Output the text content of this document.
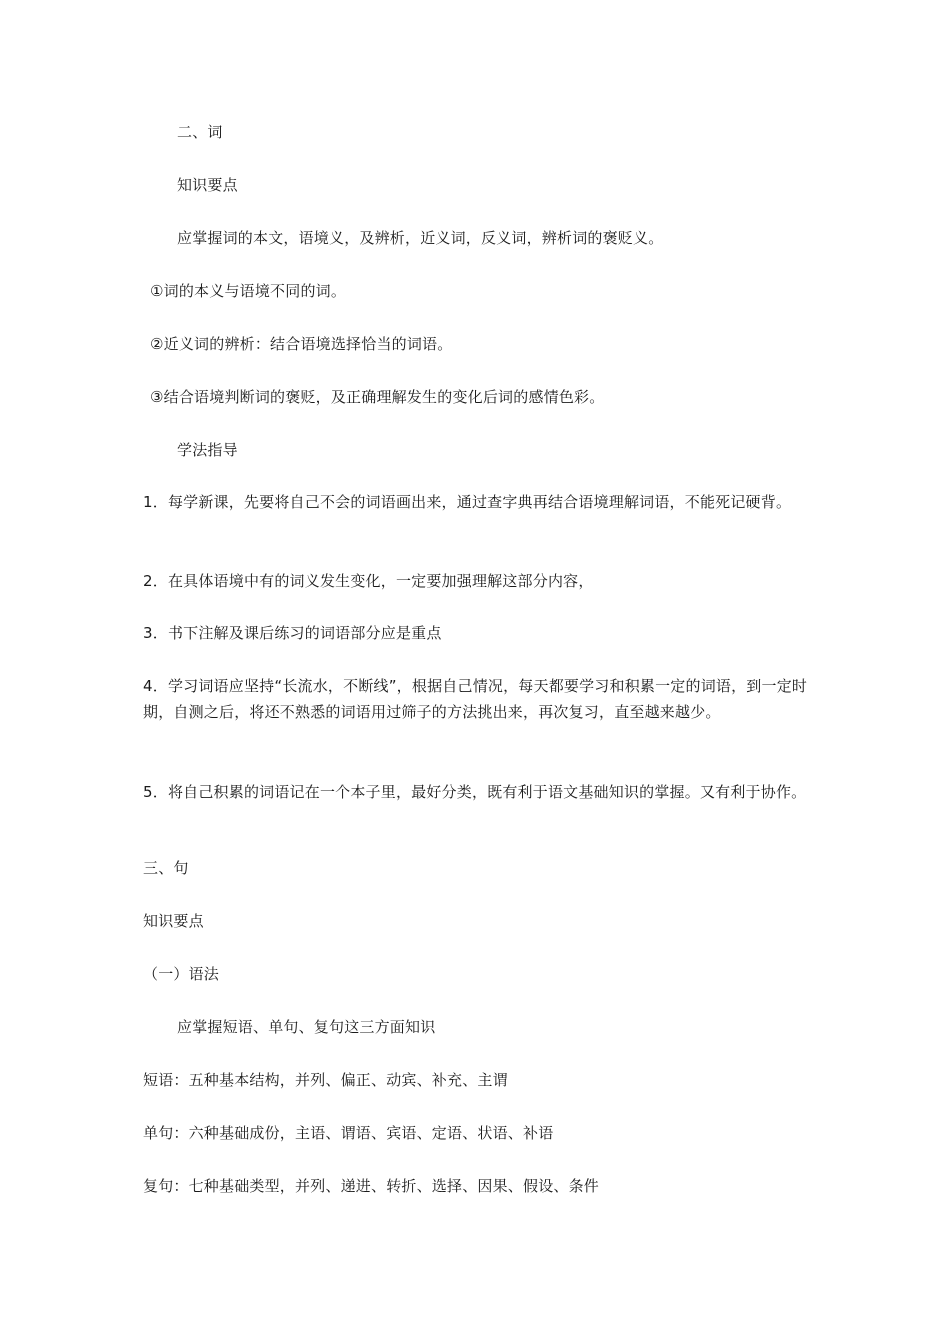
二、词
知识要点
应掌握词的本文，语境义，及辨析，近义词，反义词，辨析词的褒贬义。
①词的本义与语境不同的词。
②近义词的辨析：结合语境选择恰当的词语。
③结合语境判断词的褒贬，及正确理解发生的变化后词的感情色彩。
学法指导
1．每学新课，先要将自己不会的词语画出来，通过查字典再结合语境理解词语，不能死记硬背。
2．在具体语境中有的词义发生变化，一定要加强理解这部分内容，
3．书下注解及课后练习的词语部分应是重点
4．学习词语应坚持“长流水，不断线”，根据自己情况，每天都要学习和积累一定的词语，到一定时期，自测之后，将还不熟悉的词语用过筛子的方法挑出来，再次复习，直至越来越少。
5．将自己积累的词语记在一个本子里，最好分类，既有利于语文基础知识的掌握。又有利于协作。
三、句
知识要点
（一）语法
应掌握短语、单句、复句这三方面知识
短语：五种基本结构，并列、偏正、动宾、补充、主谓
单句：六种基础成份，主语、谓语、宾语、定语、状语、补语
复句：七种基础类型，并列、递进、转折、选择、因果、假设、条件
